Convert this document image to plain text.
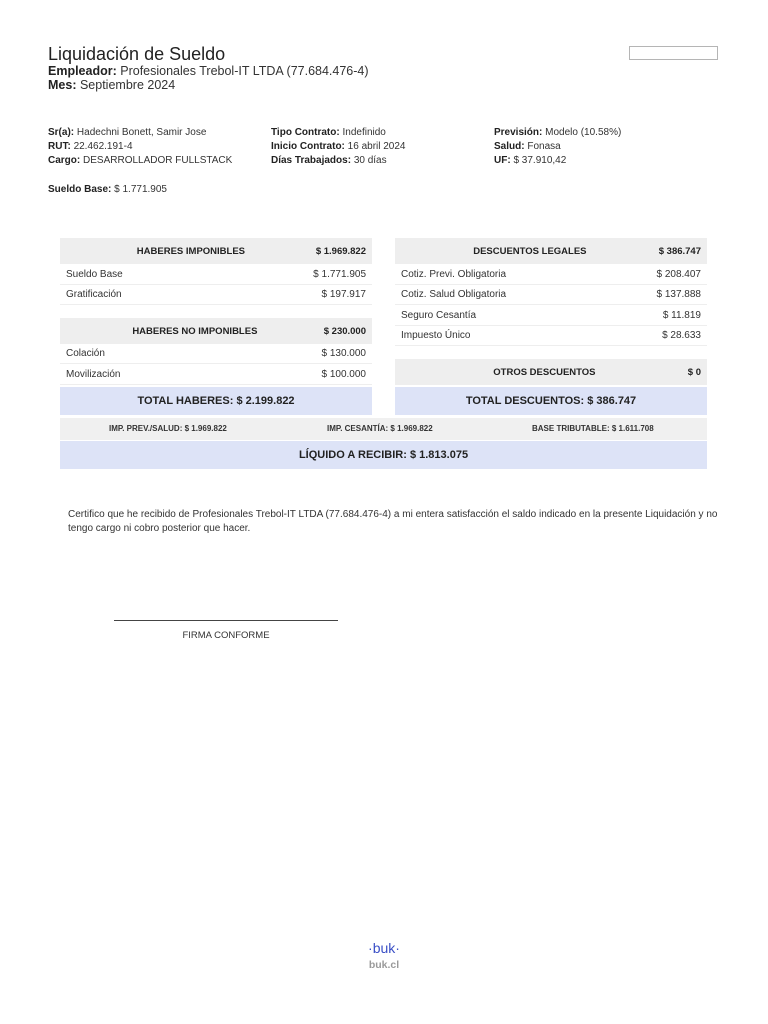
Liquidación de Sueldo
Empleador: Profesionales Trebol-IT LTDA (77.684.476-4)
Mes: Septiembre 2024
Sr(a): Hadechni Bonett, Samir Jose
RUT: 22.462.191-4
Cargo: DESARROLLADOR FULLSTACK
Tipo Contrato: Indefinido
Inicio Contrato: 16 abril 2024
Días Trabajados: 30 días
Previsión: Modelo (10.58%)
Salud: Fonasa
UF: $ 37.910,42
Sueldo Base: $ 1.771.905
HABERES IMPONIBLES	$ 1.969.822
Sueldo Base	$ 1.771.905
Gratificación	$ 197.917
HABERES NO IMPONIBLES	$ 230.000
Colación	$ 130.000
Movilización	$ 100.000
TOTAL HABERES: $ 2.199.822
DESCUENTOS LEGALES	$ 386.747
Cotiz. Previ. Obligatoria	$ 208.407
Cotiz. Salud Obligatoria	$ 137.888
Seguro Cesantía	$ 11.819
Impuesto Único	$ 28.633
OTROS DESCUENTOS	$ 0
TOTAL DESCUENTOS: $ 386.747
IMP. PREV./SALUD: $ 1.969.822	IMP. CESANTÍA: $ 1.969.822	BASE TRIBUTABLE: $ 1.611.708
LÍQUIDO A RECIBIR: $ 1.813.075
Certifico que he recibido de Profesionales Trebol-IT LTDA (77.684.476-4) a mi entera satisfacción el saldo indicado en la presente Liquidación y no tengo cargo ni cobro posterior que hacer.
FIRMA CONFORME
·buk·
buk.cl
